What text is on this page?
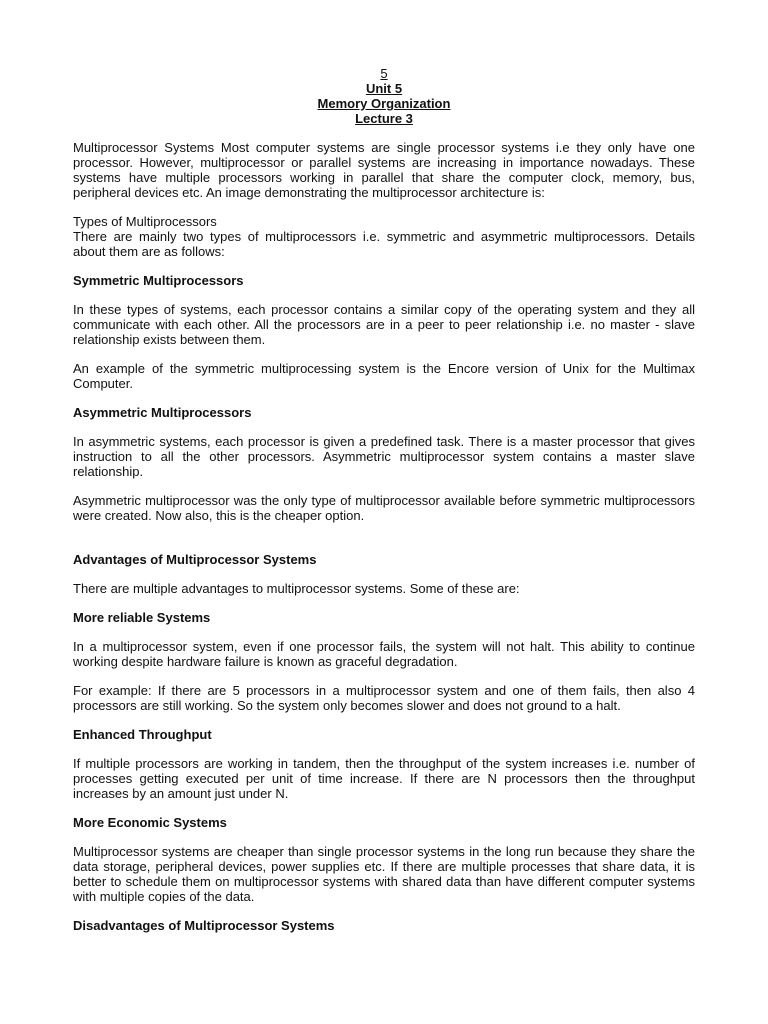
5
Unit 5
Memory Organization
Lecture 3

Multiprocessor Systems Most computer systems are single processor systems i.e they only have one processor. However, multiprocessor or parallel systems are increasing in importance nowadays. These systems have multiple processors working in parallel that share the computer clock, memory, bus, peripheral devices etc. An image demonstrating the multiprocessor architecture is:

Types of Multiprocessors

There are mainly two types of multiprocessors i.e. symmetric and asymmetric multiprocessors. Details about them are as follows:

Symmetric Multiprocessors

In these types of systems, each processor contains a similar copy of the operating system and they all communicate with each other. All the processors are in a peer to peer relationship i.e. no master - slave relationship exists between them.

An example of the symmetric multiprocessing system is the Encore version of Unix for the Multimax Computer.

Asymmetric Multiprocessors

In asymmetric systems, each processor is given a predefined task. There is a master processor that gives instruction to all the other processors. Asymmetric multiprocessor system contains a master slave relationship.

Asymmetric multiprocessor was the only type of multiprocessor available before symmetric multiprocessors were created. Now also, this is the cheaper option.

Advantages of Multiprocessor Systems

There are multiple advantages to multiprocessor systems. Some of these are:

More reliable Systems

In a multiprocessor system, even if one processor fails, the system will not halt. This ability to continue working despite hardware failure is known as graceful degradation.

For example: If there are 5 processors in a multiprocessor system and one of them fails, then also 4 processors are still working. So the system only becomes slower and does not ground to a halt.

Enhanced Throughput

If multiple processors are working in tandem, then the throughput of the system increases i.e. number of processes getting executed per unit of time increase. If there are N processors then the throughput increases by an amount just under N.

More Economic Systems

Multiprocessor systems are cheaper than single processor systems in the long run because they share the data storage, peripheral devices, power supplies etc. If there are multiple processes that share data, it is better to schedule them on multiprocessor systems with shared data than have different computer systems with multiple copies of the data.

Disadvantages of Multiprocessor Systems
